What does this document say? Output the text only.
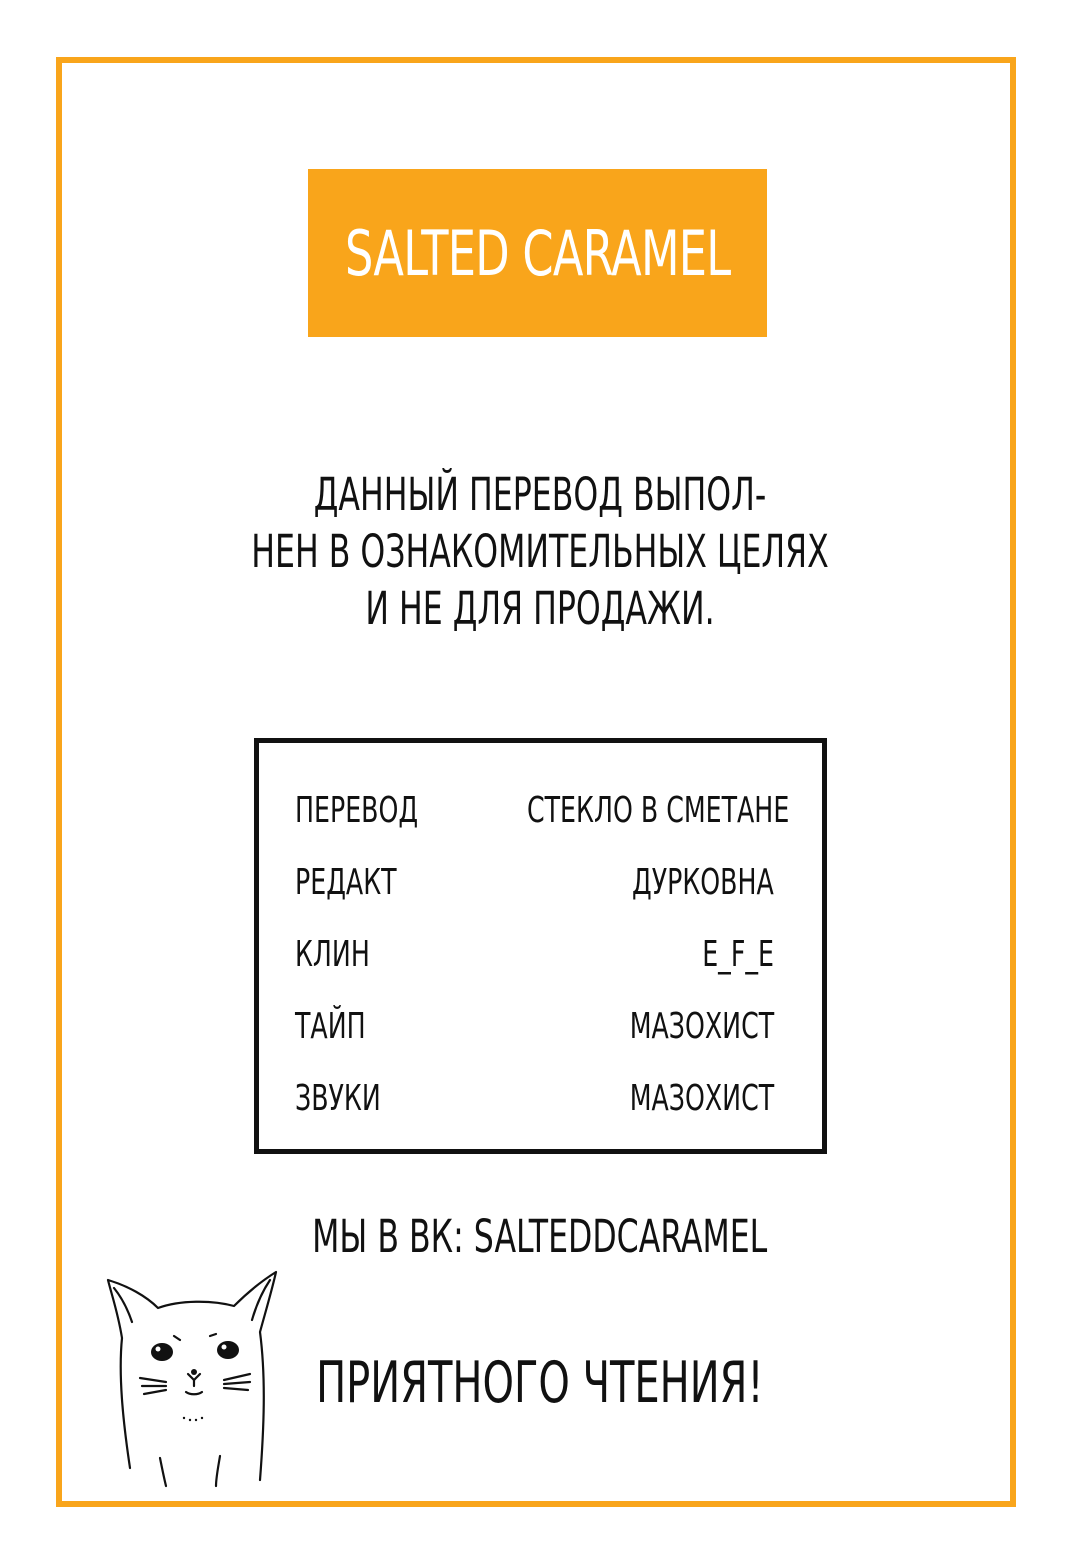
SALTED CARAMEL
ДАННЫЙ ПЕРЕВОД ВЫПОЛ-
НЕН В ОЗНАКОМИТЕЛЬНЫХ ЦЕЛЯХ
И НЕ ДЛЯ ПРОДАЖИ.
ПЕРЕВОД	СТЕКЛО В СМЕТАНЕ
РЕДАКТ	ДУРКОВНА
КЛИН	E_F_E
ТАЙП	МАЗОХИСТ
ЗВУКИ	МАЗОХИСТ
МЫ В ВК: SALTEDDCARAMEL
ПРИЯТНОГО ЧТЕНИЯ!
